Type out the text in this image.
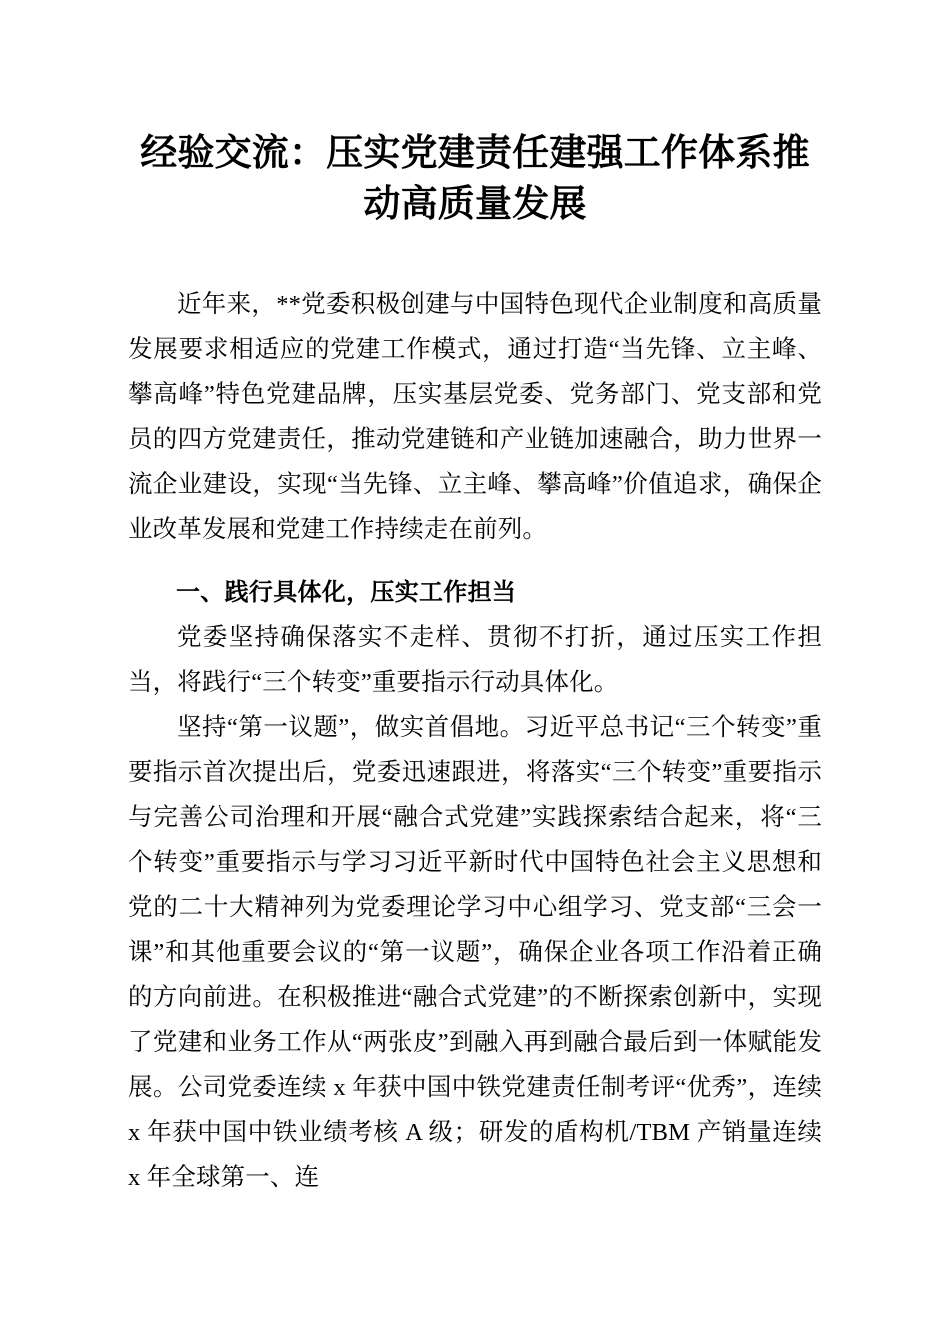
经验交流：压实党建责任建强工作体系推动高质量发展

近年来，**党委积极创建与中国特色现代企业制度和高质量发展要求相适应的党建工作模式，通过打造“当先锋、立主峰、攀高峰”特色党建品牌，压实基层党委、党务部门、党支部和党员的四方党建责任，推动党建链和产业链加速融合，助力世界一流企业建设，实现“当先锋、立主峰、攀高峰”价值追求，确保企业改革发展和党建工作持续走在前列。

一、践行具体化，压实工作担当

党委坚持确保落实不走样、贯彻不打折，通过压实工作担当，将践行“三个转变”重要指示行动具体化。

坚持“第一议题”，做实首倡地。习近平总书记“三个转变”重要指示首次提出后，党委迅速跟进，将落实“三个转变”重要指示与完善公司治理和开展“融合式党建”实践探索结合起来，将“三个转变”重要指示与学习习近平新时代中国特色社会主义思想和党的二十大精神列为党委理论学习中心组学习、党支部“三会一课”和其他重要会议的“第一议题”，确保企业各项工作沿着正确的方向前进。在积极推进“融合式党建”的不断探索创新中，实现了党建和业务工作从“两张皮”到融入再到融合最后到一体赋能发展。公司党委连续 x 年获中国中铁党建责任制考评“优秀”，连续 x 年获中国中铁业绩考核 A 级；研发的盾构机/TBM 产销量连续 x 年全球第一、连
